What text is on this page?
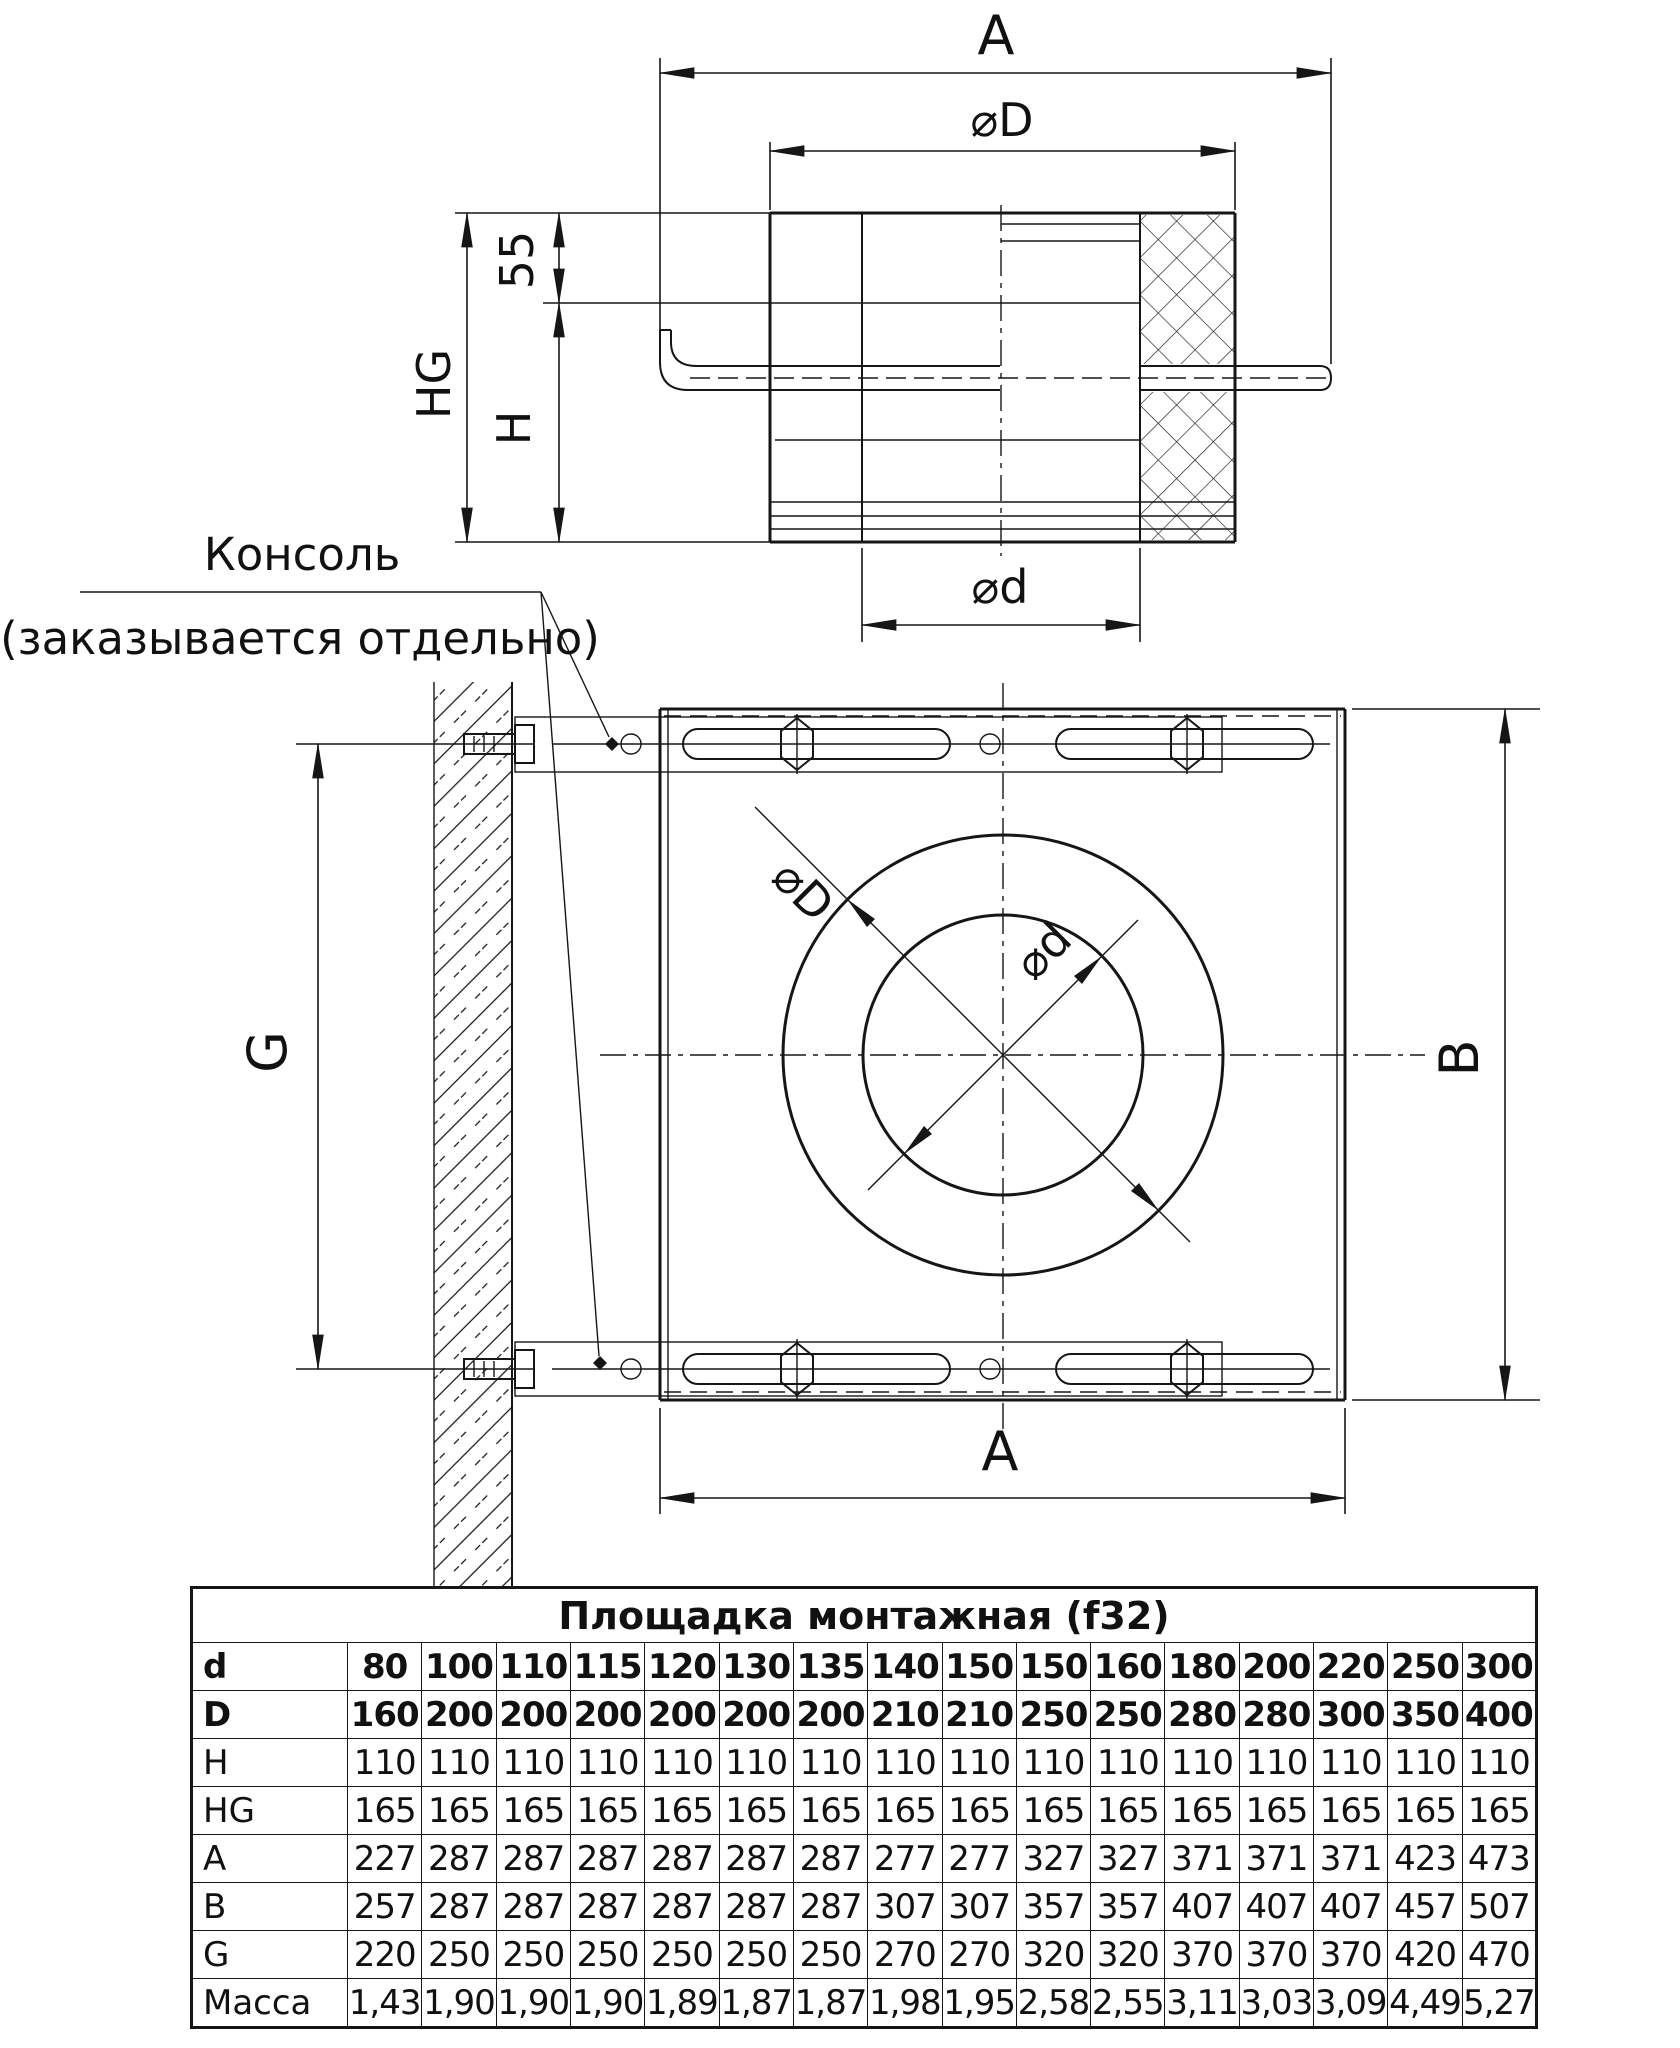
A
⌀D
HG
55
H
⌀d
Консоль
(заказывается отдельно)
⌀D
⌀d
G	B
A
Площадка монтажная (f32)																
d	80	100	110	115	120	130	135	140	150	150	160	180	200	220	250	300
D	160	200	200	200	200	200	200	210	210	250	250	280	280	300	350	400
H	110	110	110	110	110	110	110	110	110	110	110	110	110	110	110	110
HG	165	165	165	165	165	165	165	165	165	165	165	165	165	165	165	165
A	227	287	287	287	287	287	287	277	277	327	327	371	371	371	423	473
B	257	287	287	287	287	287	287	307	307	357	357	407	407	407	457	507
G	220	250	250	250	250	250	250	270	270	320	320	370	370	370	420	470
Масса	1,43	1,90	1,90	1,90	1,89	1,87	1,87	1,98	1,95	2,58	2,55	3,11	3,03	3,09	4,49	5,27
